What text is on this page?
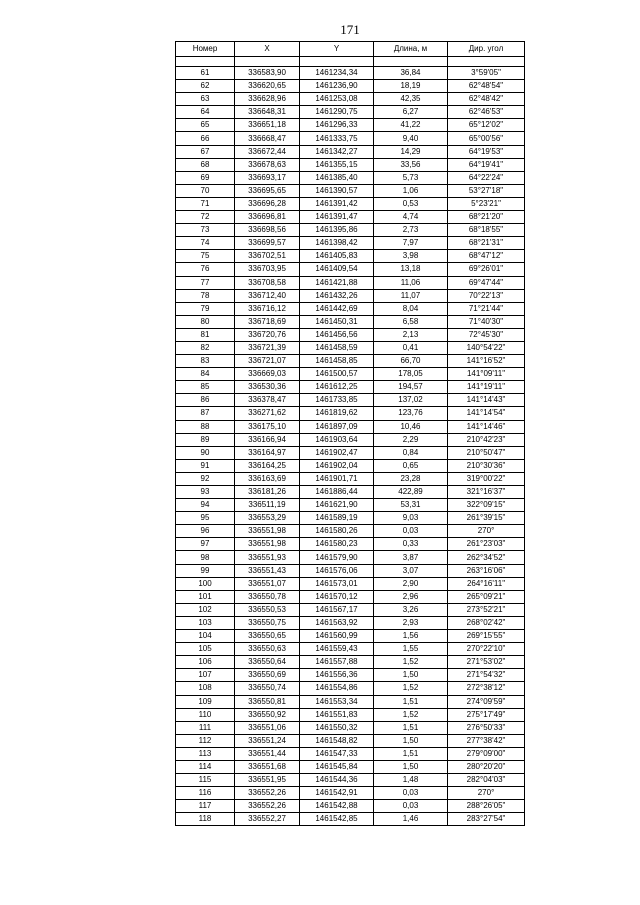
171
Номер	X	Y	Длина, м	Дир. угол

61	336583,90	1461234,34	36,84	3°59'05"
62	336620,65	1461236,90	18,19	62°48'54"
63	336628,96	1461253,08	42,35	62°48'42"
64	336648,31	1461290,75	6,27	62°46'53"
65	336651,18	1461296,33	41,22	65°12'02"
66	336668,47	1461333,75	9,40	65°00'56"
67	336672,44	1461342,27	14,29	64°19'53"
68	336678,63	1461355,15	33,56	64°19'41"
69	336693,17	1461385,40	5,73	64°22'24"
70	336695,65	1461390,57	1,06	53°27'18"
71	336696,28	1461391,42	0,53	5°23'21"
72	336696,81	1461391,47	4,74	68°21'20"
73	336698,56	1461395,86	2,73	68°18'55"
74	336699,57	1461398,42	7,97	68°21'31"
75	336702,51	1461405,83	3,98	68°47'12"
76	336703,95	1461409,54	13,18	69°26'01"
77	336708,58	1461421,88	11,06	69°47'44"
78	336712,40	1461432,26	11,07	70°22'13"
79	336716,12	1461442,69	8,04	71°21'44"
80	336718,69	1461450,31	6,58	71°40'30"
81	336720,76	1461456,56	2,13	72°45'30"
82	336721,39	1461458,59	0,41	140°54'22"
83	336721,07	1461458,85	66,70	141°16'52"
84	336669,03	1461500,57	178,05	141°09'11"
85	336530,36	1461612,25	194,57	141°19'11"
86	336378,47	1461733,85	137,02	141°14'43"
87	336271,62	1461819,62	123,76	141°14'54"
88	336175,10	1461897,09	10,46	141°14'46"
89	336166,94	1461903,64	2,29	210°42'23"
90	336164,97	1461902,47	0,84	210°50'47"
91	336164,25	1461902,04	0,65	210°30'36"
92	336163,69	1461901,71	23,28	319°00'22"
93	336181,26	1461886,44	422,89	321°16'37"
94	336511,19	1461621,90	53,31	322°09'15"
95	336553,29	1461589,19	9,03	261°39'15"
96	336551,98	1461580,26	0,03	270°
97	336551,98	1461580,23	0,33	261°23'03"
98	336551,93	1461579,90	3,87	262°34'52"
99	336551,43	1461576,06	3,07	263°16'06"
100	336551,07	1461573,01	2,90	264°16'11"
101	336550,78	1461570,12	2,96	265°09'21"
102	336550,53	1461567,17	3,26	273°52'21"
103	336550,75	1461563,92	2,93	268°02'42"
104	336550,65	1461560,99	1,56	269°15'55"
105	336550,63	1461559,43	1,55	270°22'10"
106	336550,64	1461557,88	1,52	271°53'02"
107	336550,69	1461556,36	1,50	271°54'32"
108	336550,74	1461554,86	1,52	272°38'12"
109	336550,81	1461553,34	1,51	274°09'59"
110	336550,92	1461551,83	1,52	275°17'49"
111	336551,06	1461550,32	1,51	276°50'33"
112	336551,24	1461548,82	1,50	277°38'42"
113	336551,44	1461547,33	1,51	279°09'00"
114	336551,68	1461545,84	1,50	280°20'20"
115	336551,95	1461544,36	1,48	282°04'03"
116	336552,26	1461542,91	0,03	270°
117	336552,26	1461542,88	0,03	288°26'05"
118	336552,27	1461542,85	1,46	283°27'54"
